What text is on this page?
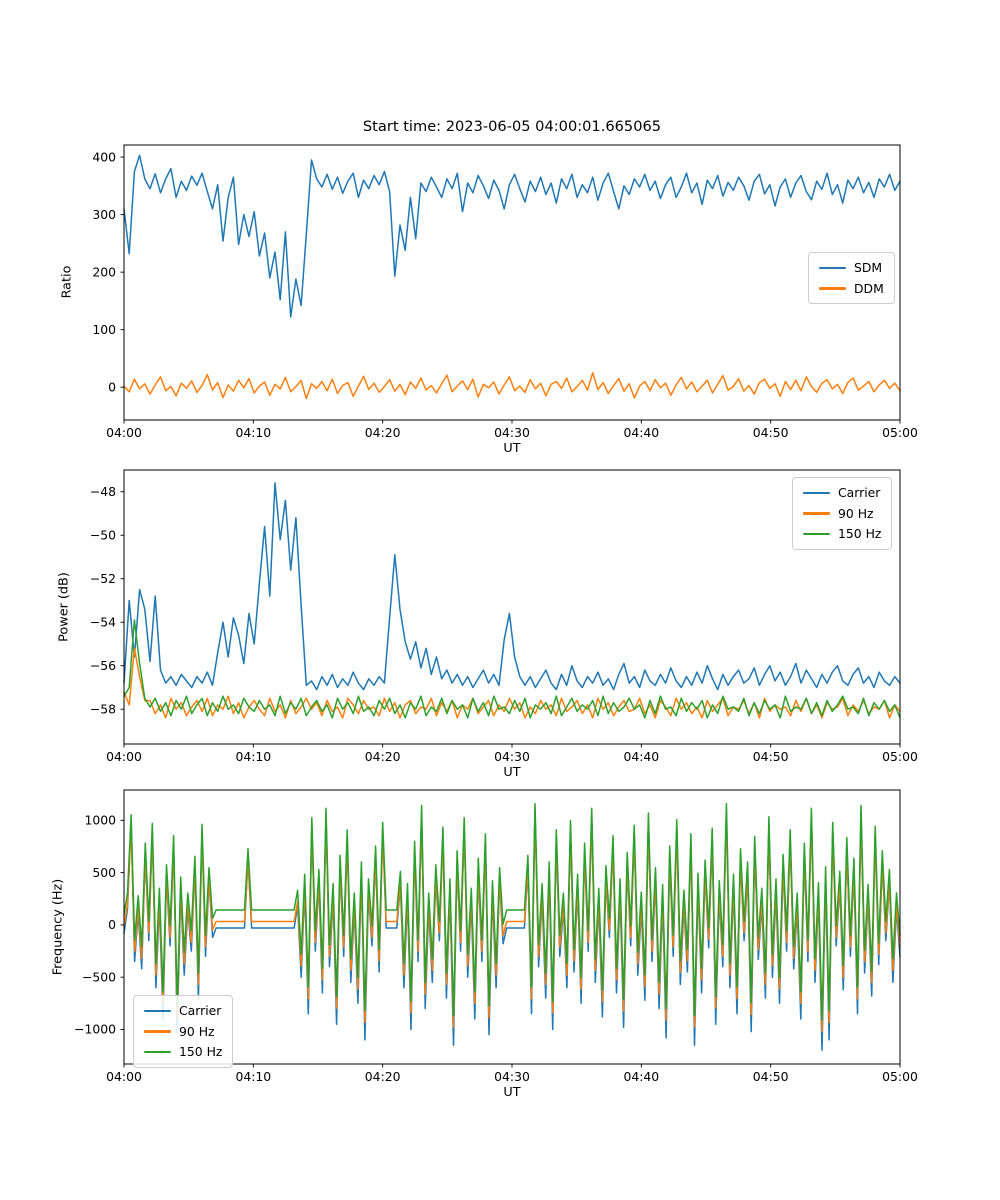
Start time: 2023-06-05 04:00:01.665065
04:00	04:10	04:20	04:30	04:40	04:50	05:00
0
100
200
300
400
04:00	04:10	04:20	04:30	04:40	04:50	05:00
−58
−56
−54
−52
−50
−48
04:00	04:10	04:20	04:30	04:40	04:50	05:00
−1000
−500
0
500
1000
Ratio
UT
Power (dB)
UT
Frequency (Hz)
UT
SDM
DDM
Carrier
90 Hz
150 Hz
Carrier
90 Hz
150 Hz
